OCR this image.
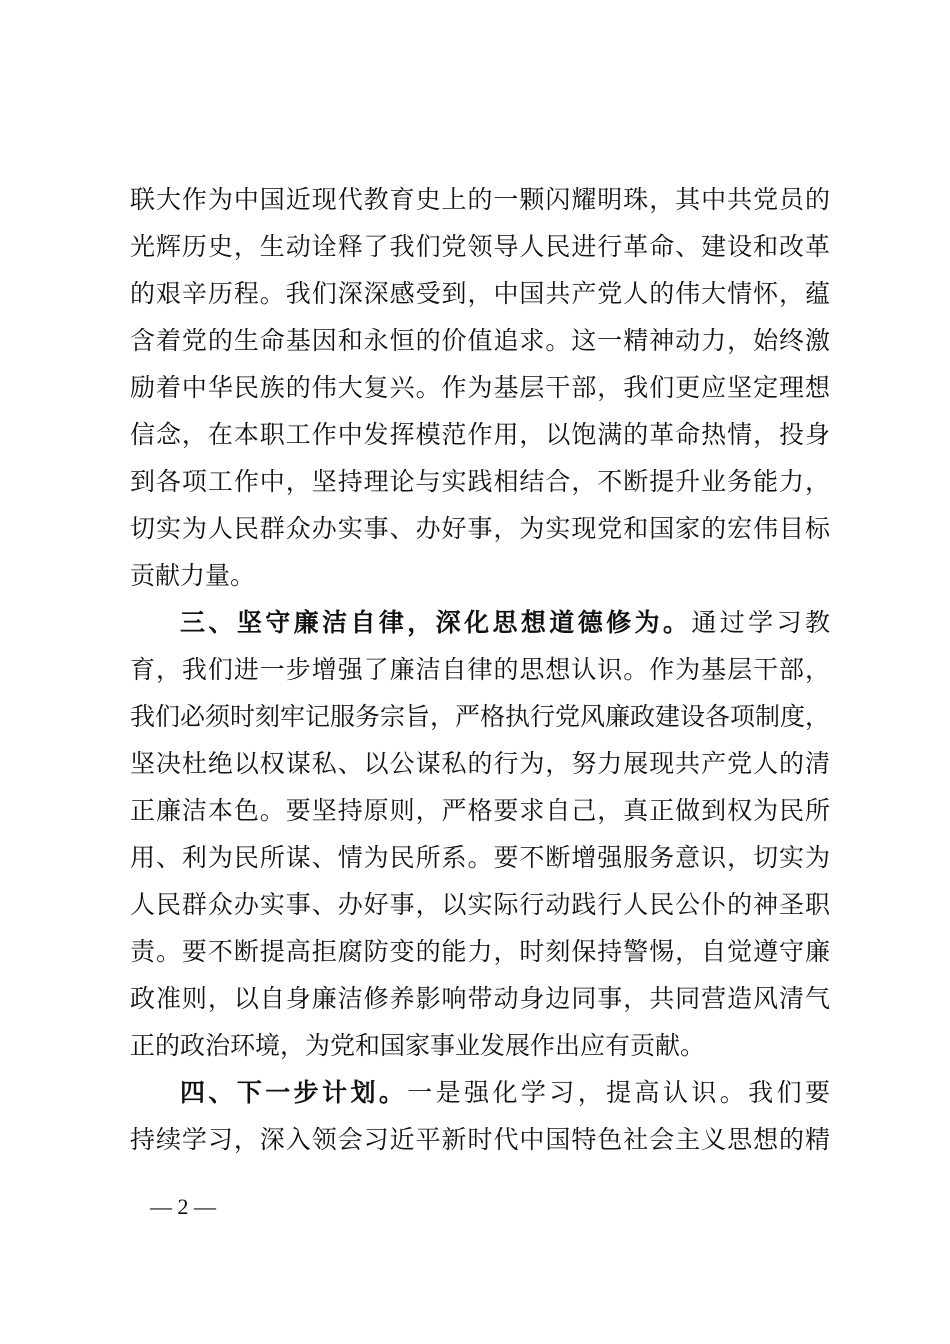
联大作为中国近现代教育史上的一颗闪耀明珠，其中共党员的
光辉历史，生动诠释了我们党领导人民进行革命、建设和改革
的艰辛历程。我们深深感受到，中国共产党人的伟大情怀，蕴
含着党的生命基因和永恒的价值追求。这一精神动力，始终激
励着中华民族的伟大复兴。作为基层干部，我们更应坚定理想
信念，在本职工作中发挥模范作用，以饱满的革命热情，投身
到各项工作中，坚持理论与实践相结合，不断提升业务能力，
切实为人民群众办实事、办好事，为实现党和国家的宏伟目标
贡献力量。
三、坚守廉洁自律，深化思想道德修为。通过学习教
育，我们进一步增强了廉洁自律的思想认识。作为基层干部，
我们必须时刻牢记服务宗旨，严格执行党风廉政建设各项制度，
坚决杜绝以权谋私、以公谋私的行为，努力展现共产党人的清
正廉洁本色。要坚持原则，严格要求自己，真正做到权为民所
用、利为民所谋、情为民所系。要不断增强服务意识，切实为
人民群众办实事、办好事，以实际行动践行人民公仆的神圣职
责。要不断提高拒腐防变的能力，时刻保持警惕，自觉遵守廉
政准则，以自身廉洁修养影响带动身边同事，共同营造风清气
正的政治环境，为党和国家事业发展作出应有贡献。
四、下一步计划。一是强化学习，提高认识。我们要
持续学习，深入领会习近平新时代中国特色社会主义思想的精
— 2 —
